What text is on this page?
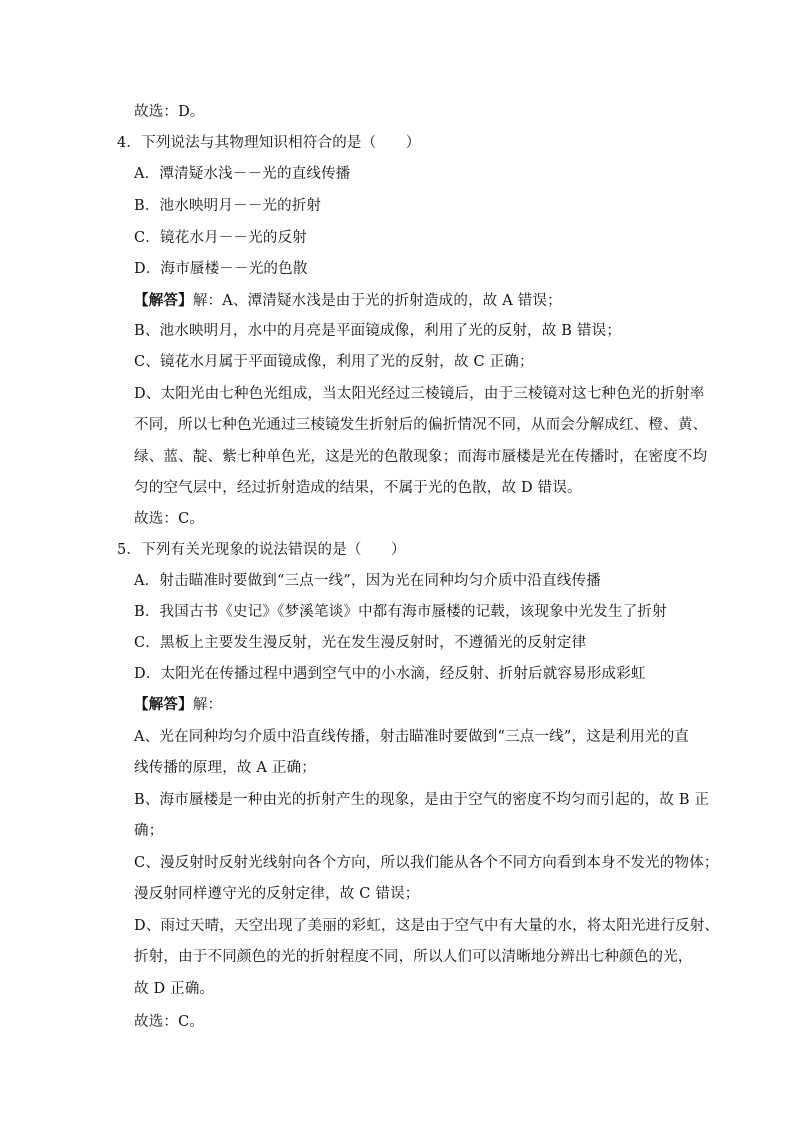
故选：D。
4．下列说法与其物理知识相符合的是（　　）
A．潭清疑水浅－－光的直线传播
B．池水映明月－－光的折射
C．镜花水月－－光的反射
D．海市蜃楼－－光的色散
【解答】解：A、潭清疑水浅是由于光的折射造成的，故 A 错误；
B、池水映明月，水中的月亮是平面镜成像，利用了光的反射，故 B 错误；
C、镜花水月属于平面镜成像，利用了光的反射，故 C 正确；
D、太阳光由七种色光组成，当太阳光经过三棱镜后，由于三棱镜对这七种色光的折射率
不同，所以七种色光通过三棱镜发生折射后的偏折情况不同，从而会分解成红、橙、黄、
绿、蓝、靛、紫七种单色光，这是光的色散现象；而海市蜃楼是光在传播时，在密度不均
匀的空气层中，经过折射造成的结果，不属于光的色散，故 D 错误。
故选：C。
5．下列有关光现象的说法错误的是（　　）
A．射击瞄准时要做到“三点一线”，因为光在同种均匀介质中沿直线传播
B．我国古书《史记》《梦溪笔谈》中都有海市蜃楼的记载，该现象中光发生了折射
C．黑板上主要发生漫反射，光在发生漫反射时，不遵循光的反射定律
D．太阳光在传播过程中遇到空气中的小水滴，经反射、折射后就容易形成彩虹
【解答】解：
A、光在同种均匀介质中沿直线传播，射击瞄准时要做到“三点一线”，这是利用光的直
线传播的原理，故 A 正确；
B、海市蜃楼是一种由光的折射产生的现象，是由于空气的密度不均匀而引起的，故 B 正
确；
C、漫反射时反射光线射向各个方向，所以我们能从各个不同方向看到本身不发光的物体；
漫反射同样遵守光的反射定律，故 C 错误；
D、雨过天晴，天空出现了美丽的彩虹，这是由于空气中有大量的水，将太阳光进行反射、
折射，由于不同颜色的光的折射程度不同，所以人们可以清晰地分辨出七种颜色的光，
故 D 正确。
故选：C。
